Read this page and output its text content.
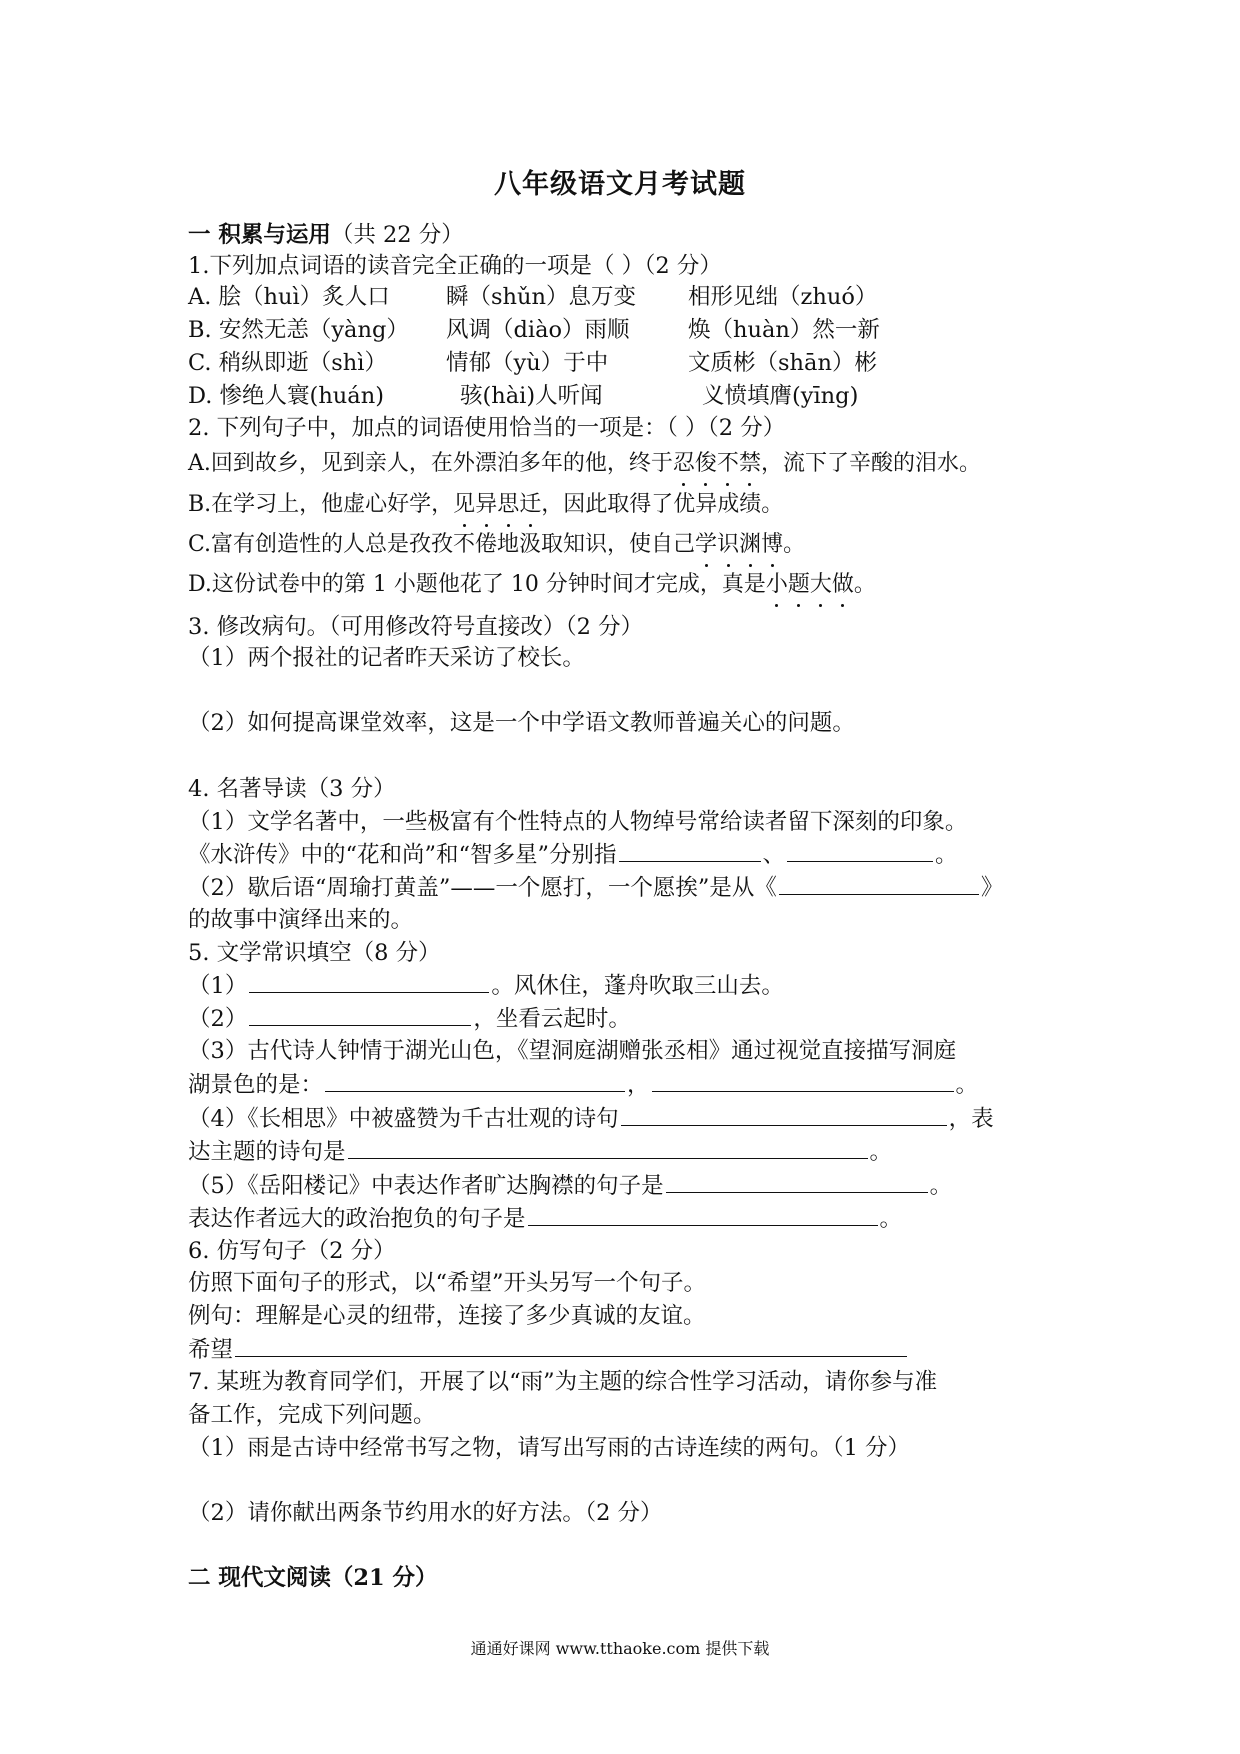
八年级语文月考试题
一 积累与运用（共 22 分）
1.下列加点词语的读音完全正确的一项是（ ）（2 分）
A. 脍（huì）炙人口	瞬（shǔn）息万变 相形见绌（zhuó）
B. 安然无恙（yàng） 风调（diào）雨顺	焕（huàn）然一新
C. 稍纵即逝（shì）	情郁（yù）于中	文质彬（shān）彬
D. 惨绝人寰(huán)	骇(hài)人听闻	义愤填膺(yīng)
2. 下列句子中，加点的词语使用恰当的一项是：（ ）（2 分）
A.回到故乡，见到亲人，在外漂泊多年的他，终于忍俊不禁，流下了辛酸的泪水。
B.在学习上，他虚心好学，见异思迁，因此取得了优异成绩。
C.富有创造性的人总是孜孜不倦地汲取知识，使自己学识渊博。
D.这份试卷中的第 1 小题他花了 10 分钟时间才完成，真是小题大做。
3. 修改病句。（可用修改符号直接改）（2 分）
（1）两个报社的记者昨天采访了校长。
（2）如何提高课堂效率，这是一个中学语文教师普遍关心的问题。
4. 名著导读（3 分）
（1）文学名著中，一些极富有个性特点的人物绰号常给读者留下深刻的印象。
《水浒传》中的“花和尚”和“智多星”分别指	、	。
（2）歇后语“周瑜打黄盖”——一个愿打，一个愿挨”是从《	》
的故事中演绎出来的。
5. 文学常识填空（8 分）
（1）	。风休住，蓬舟吹取三山去。
（2）	，坐看云起时。
（3）古代诗人钟情于湖光山色，《望洞庭湖赠张丞相》通过视觉直接描写洞庭
湖景色的是：	，	。
（4）《长相思》中被盛赞为千古壮观的诗句	，表
达主题的诗句是	。
（5）《岳阳楼记》中表达作者旷达胸襟的句子是	。
表达作者远大的政治抱负的句子是	。
6. 仿写句子（2 分）
仿照下面句子的形式，以“希望”开头另写一个句子。
例句：理解是心灵的纽带，连接了多少真诚的友谊。
希望
7. 某班为教育同学们，开展了以“雨”为主题的综合性学习活动，请你参与准
备工作，完成下列问题。
（1）雨是古诗中经常书写之物，请写出写雨的古诗连续的两句。（1 分）
（2）请你献出两条节约用水的好方法。（2 分）
二 现代文阅读（21 分）
通通好课网 www.tthaoke.com 提供下载
